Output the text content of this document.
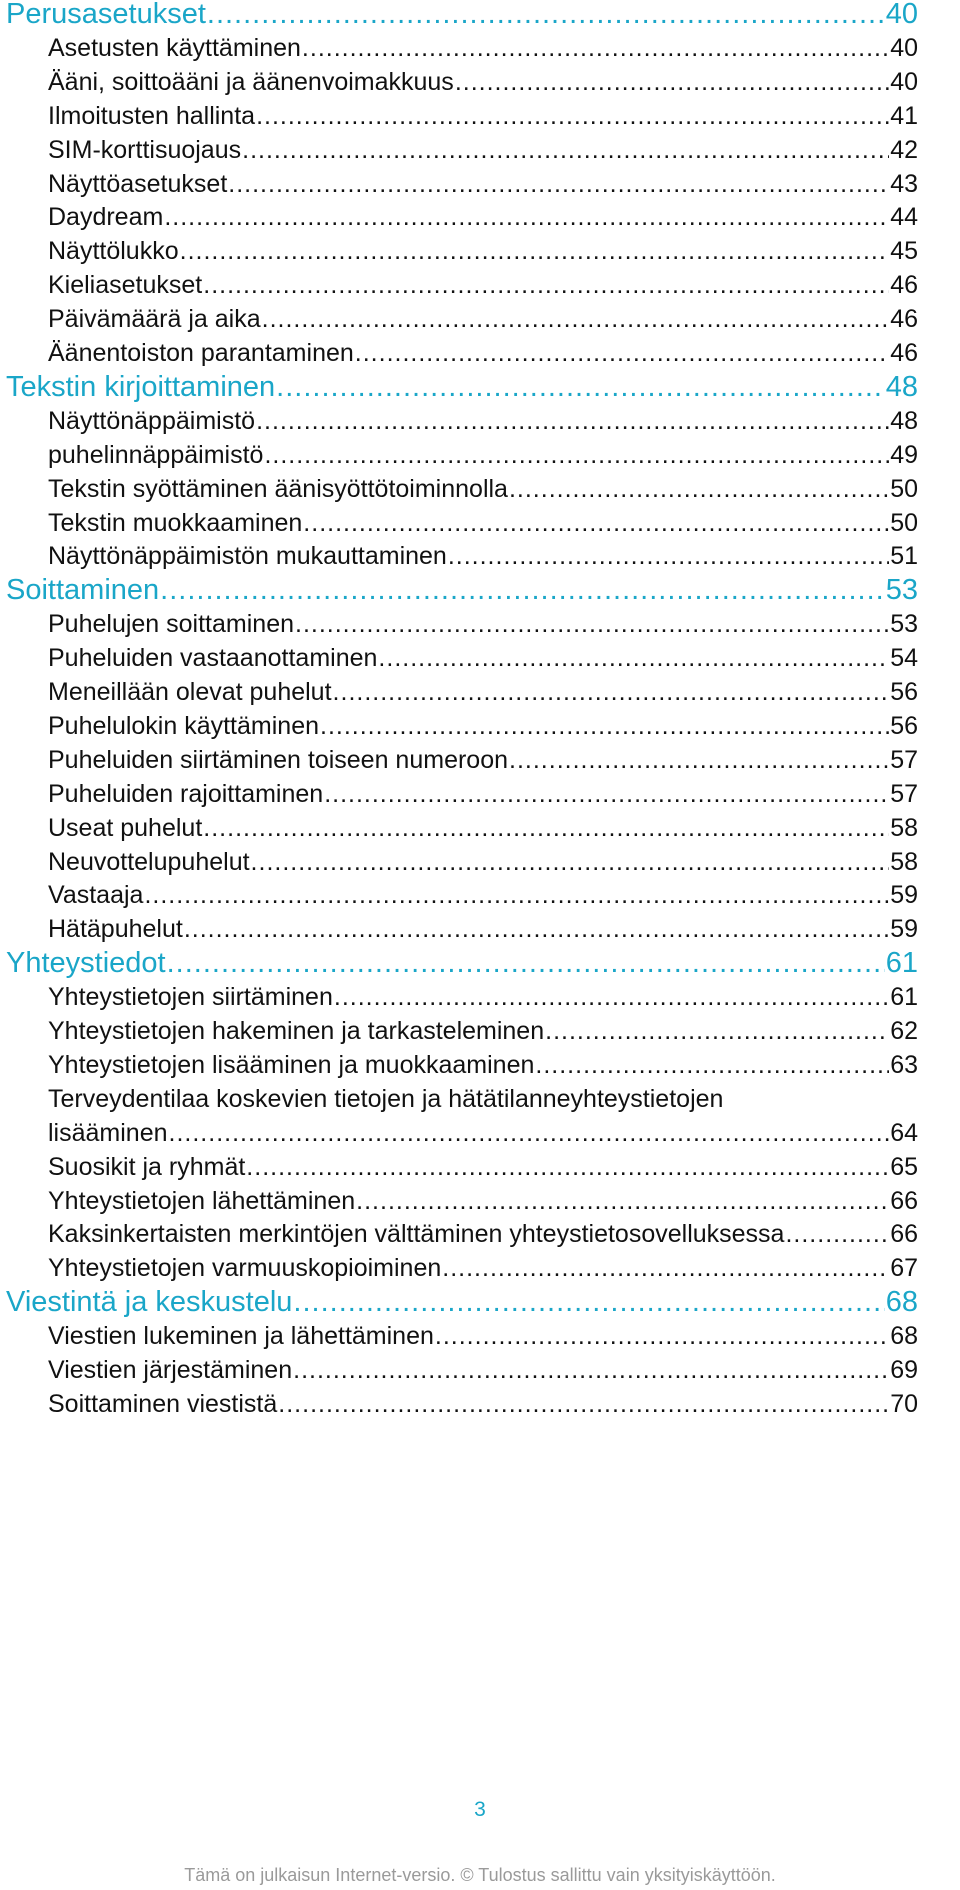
Perusasetukset .....	40
Asetusten käyttäminen .....	40
Ääni, soittoääni ja äänenvoimakkuus .....	40
Ilmoitusten hallinta .....	41
SIM-korttisuojaus .....	42
Näyttöasetukset .....	43
Daydream .....	44
Näyttölukko .....	45
Kieliasetukset .....	46
Päivämäärä ja aika .....	46
Äänentoiston parantaminen .....	46
Tekstin kirjoittaminen .....	48
Näyttönäppäimistö .....	48
puhelinnäppäimistö .....	49
Tekstin syöttäminen äänisyöttötoiminnolla .....	50
Tekstin muokkaaminen .....	50
Näyttönäppäimistön mukauttaminen .....	51
Soittaminen .....	53
Puhelujen soittaminen .....	53
Puheluiden vastaanottaminen .....	54
Meneillään olevat puhelut .....	56
Puhelulokin käyttäminen .....	56
Puheluiden siirtäminen toiseen numeroon .....	57
Puheluiden rajoittaminen .....	57
Useat puhelut .....	58
Neuvottelupuhelut .....	58
Vastaaja .....	59
Hätäpuhelut .....	59
Yhteystiedot .....	61
Yhteystietojen siirtäminen .....	61
Yhteystietojen hakeminen ja tarkasteleminen .....	62
Yhteystietojen lisääminen ja muokkaaminen .....	63
Terveydentilaa koskevien tietojen ja hätätilanneyhteystietojen
lisääminen .....	64
Suosikit ja ryhmät .....	65
Yhteystietojen lähettäminen .....	66
Kaksinkertaisten merkintöjen välttäminen yhteystietosovelluksessa .....	66
Yhteystietojen varmuuskopioiminen .....	67
Viestintä ja keskustelu .....	68
Viestien lukeminen ja lähettäminen .....	68
Viestien järjestäminen .....	69
Soittaminen viestistä .....	70
3
Tämä on julkaisun Internet-versio. © Tulostus sallittu vain yksityiskäyttöön.
